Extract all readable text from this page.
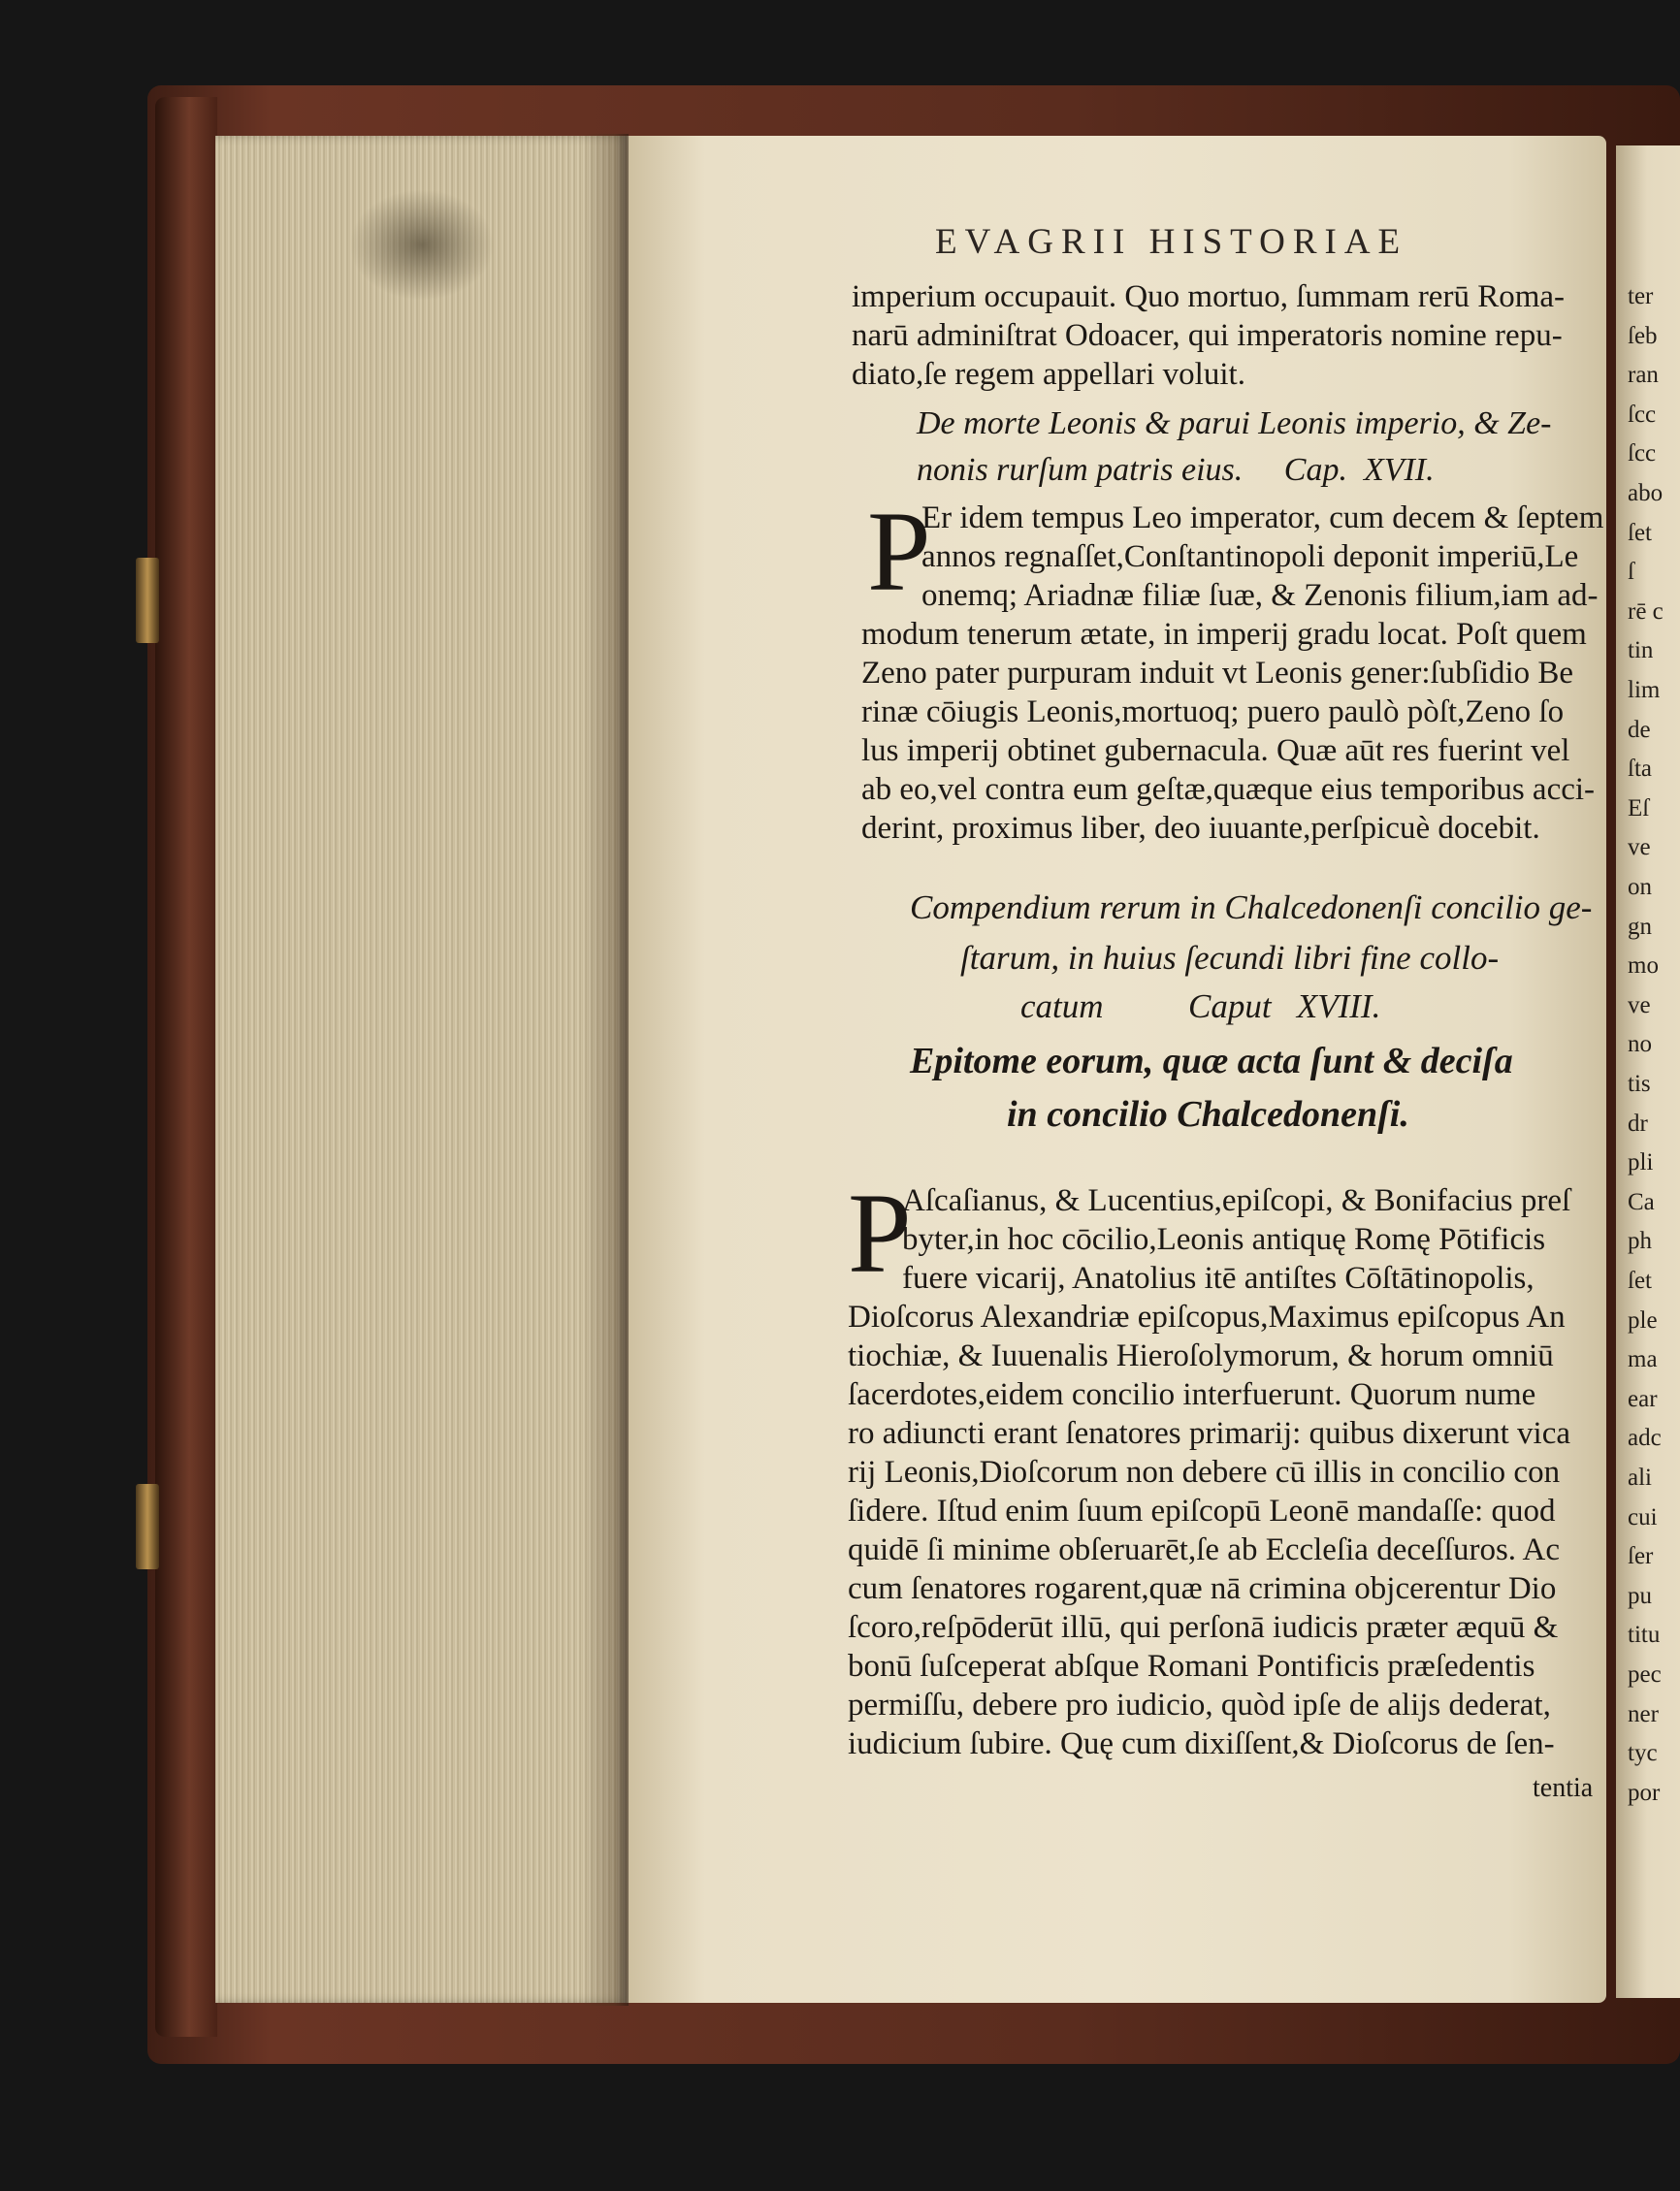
EVAGRII HISTORIAE
imperium occupauit. Quo mortuo, ſummam rerū Roma-
narū adminiſtrat Odoacer, qui imperatoris nomine repu-
diato,ſe regem appellari voluit.
De morte Leonis & parui Leonis imperio, & Ze-
nonis rurſum patris eius.     Cap.  XVII.
P
Er idem tempus Leo imperator, cum decem & ſeptem
annos regnaſſet,Conſtantinopoli deponit imperiū,Le
onemq; Ariadnæ filiæ ſuæ, & Zenonis filium,iam ad-
modum tenerum ætate, in imperij gradu locat. Poſt quem
Zeno pater purpuram induit vt Leonis gener:ſubſidio Be
rinæ cōiugis Leonis,mortuoq; puero paulò pòſt,Zeno ſo
lus imperij obtinet gubernacula. Quæ aūt res fuerint vel
ab eo,vel contra eum geſtæ,quæque eius temporibus acci-
derint, proximus liber, deo iuuante,perſpicuè docebit.
Compendium rerum in Chalcedonenſi concilio ge-
ſtarum, in huius ſecundi libri fine collo-
catum          Caput   XVIII.
Epitome eorum, quæ acta ſunt & deciſa
in concilio Chalcedonenſi.
P
Aſcaſianus, & Lucentius,epiſcopi, & Bonifacius preſ
byter,in hoc cōcilio,Leonis antiquę Romę Pōtificis
fuere vicarij, Anatolius itē antiſtes Cōſtātinopolis,
Dioſcorus Alexandriæ epiſcopus,Maximus epiſcopus An
tiochiæ, & Iuuenalis Hieroſolymorum, & horum omniū
ſacerdotes,eidem concilio interfuerunt. Quorum nume
ro adiuncti erant ſenatores primarij: quibus dixerunt vica
rij Leonis,Dioſcorum non debere cū illis in concilio con
ſidere. Iſtud enim ſuum epiſcopū Leonē mandaſſe: quod
quidē ſi minime obſeruarēt,ſe ab Eccleſia deceſſuros. Ac
cum ſenatores rogarent,quæ nā crimina objcerentur Dio
ſcoro,reſpōderūt illū, qui perſonā iudicis præter æquū &
bonū ſuſceperat abſque Romani Pontificis præſedentis
permiſſu, debere pro iudicio, quòd ipſe de alijs dederat,
iudicium ſubire. Quę cum dixiſſent,& Dioſcorus de ſen-
tentia
ter
ſeb
ran
ſcc
ſcc
abo
ſet
ſ
rē c
tin
lim
de
ſta
Eſ
ve
on
gn
mo
ve
no
tis
dr
pli
Ca
ph
ſet
ple
ma
ear
adc
ali
cui
ſer
pu
titu
pec
ner
tyc
por
